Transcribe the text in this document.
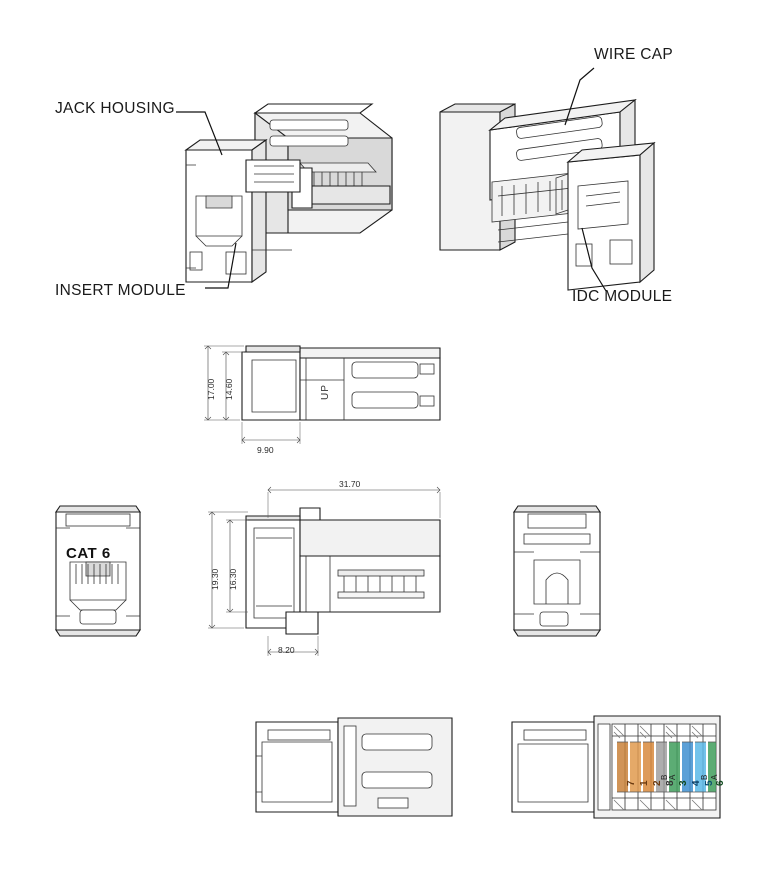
JACK HOUSING
WIRE CAP
INSERT MODULE	IDC MODULE
CAT 6
UP
17.00 14.60
9.90
31.70
19.30 16.30
8.20
7 1 2 8 3 4 5 6
B A	B A
